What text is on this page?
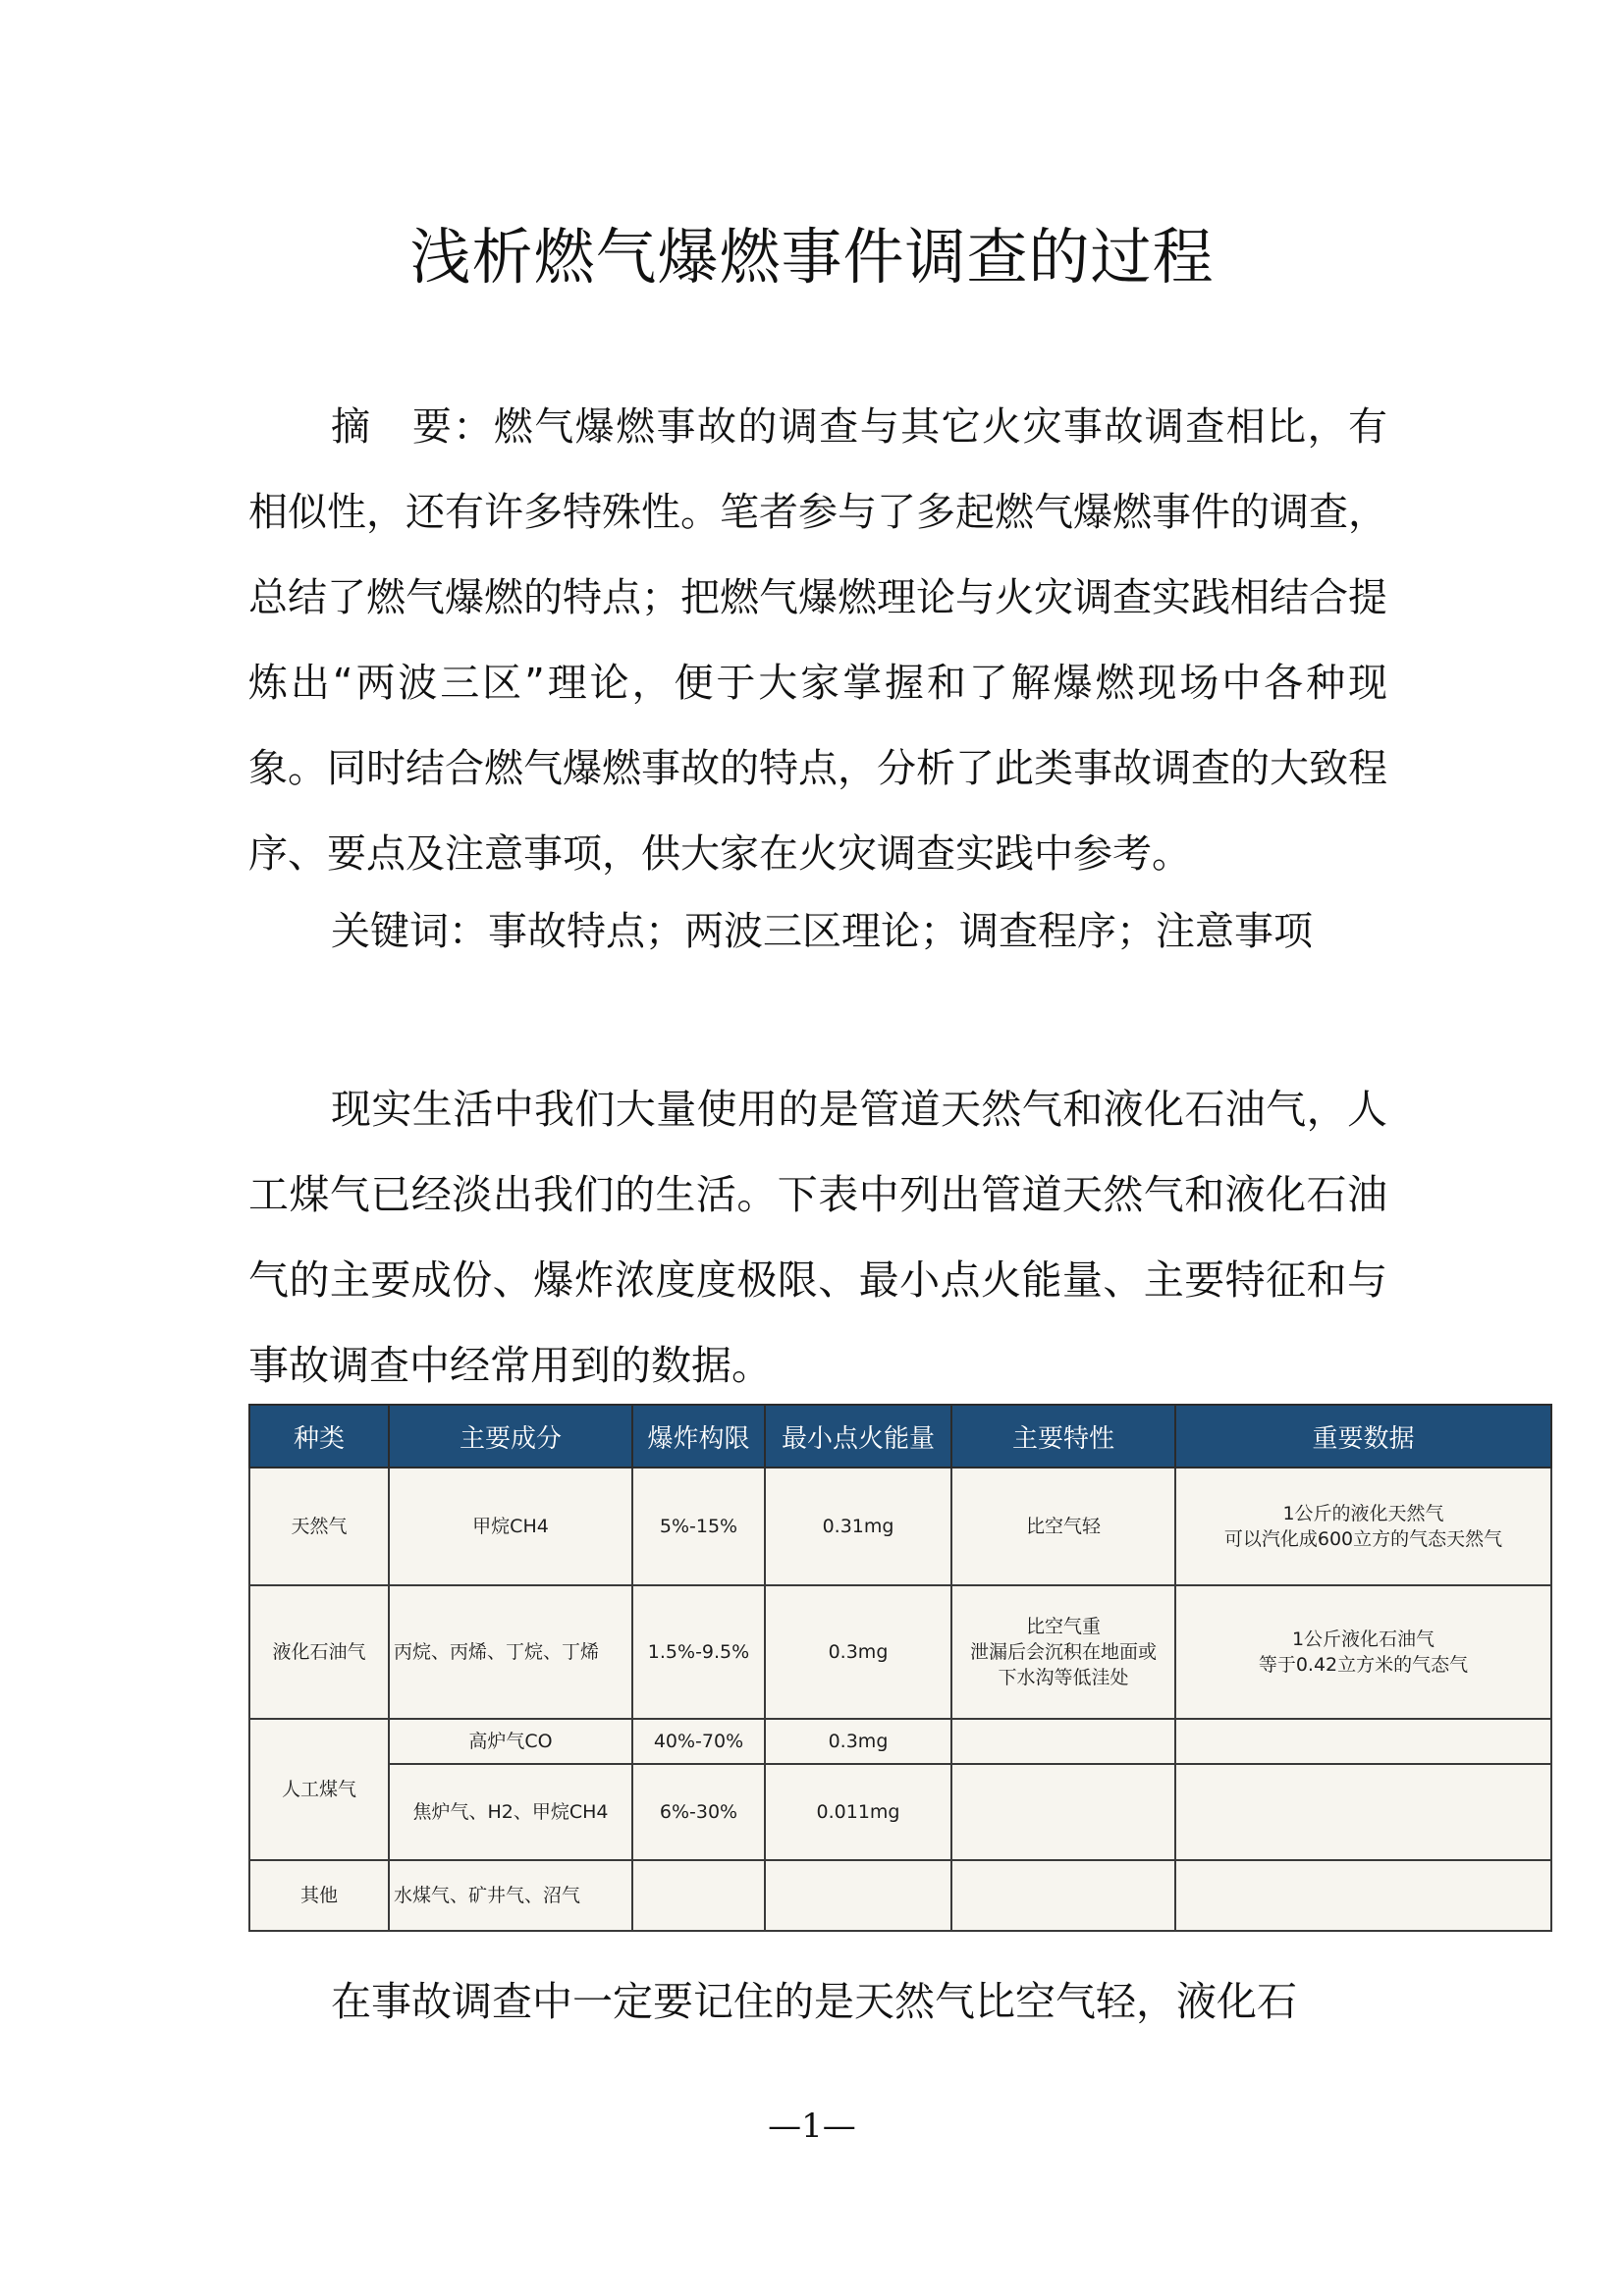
浅析燃气爆燃事件调查的过程

摘　要：燃气爆燃事故的调查与其它火灾事故调查相比，有相似性，还有许多特殊性。笔者参与了多起燃气爆燃事件的调查，总结了燃气爆燃的特点；把燃气爆燃理论与火灾调查实践相结合提炼出“两波三区”理论，便于大家掌握和了解爆燃现场中各种现象。同时结合燃气爆燃事故的特点，分析了此类事故调查的大致程序、要点及注意事项，供大家在火灾调查实践中参考。

关键词：事故特点；两波三区理论；调查程序；注意事项

现实生活中我们大量使用的是管道天然气和液化石油气，人工煤气已经淡出我们的生活。下表中列出管道天然气和液化石油气的主要成份、爆炸浓度度极限、最小点火能量、主要特征和与事故调查中经常用到的数据。

种类	主要成分	爆炸构限	最小点火能量	主要特性	重要数据
天然气	甲烷CH4	5%-15%	0.31mg	比空气轻	1公斤的液化天然气
可以汽化成600立方的气态天然气

液化石油气	丙烷、丙烯、丁烷、丁烯	1.5%-9.5%	0.3mg	比空气重
泄漏后会沉积在地面或
下水沟等低洼处	1公斤液化石油气
等于0.42立方米的气态气

人工煤气	高炉气CO	40%-70%	0.3mg		
	焦炉气、H2、甲烷CH4	6%-30%	0.011mg		
其他	水煤气、矿井气、沼气				

在事故调查中一定要记住的是天然气比空气轻，液化石

—1—
